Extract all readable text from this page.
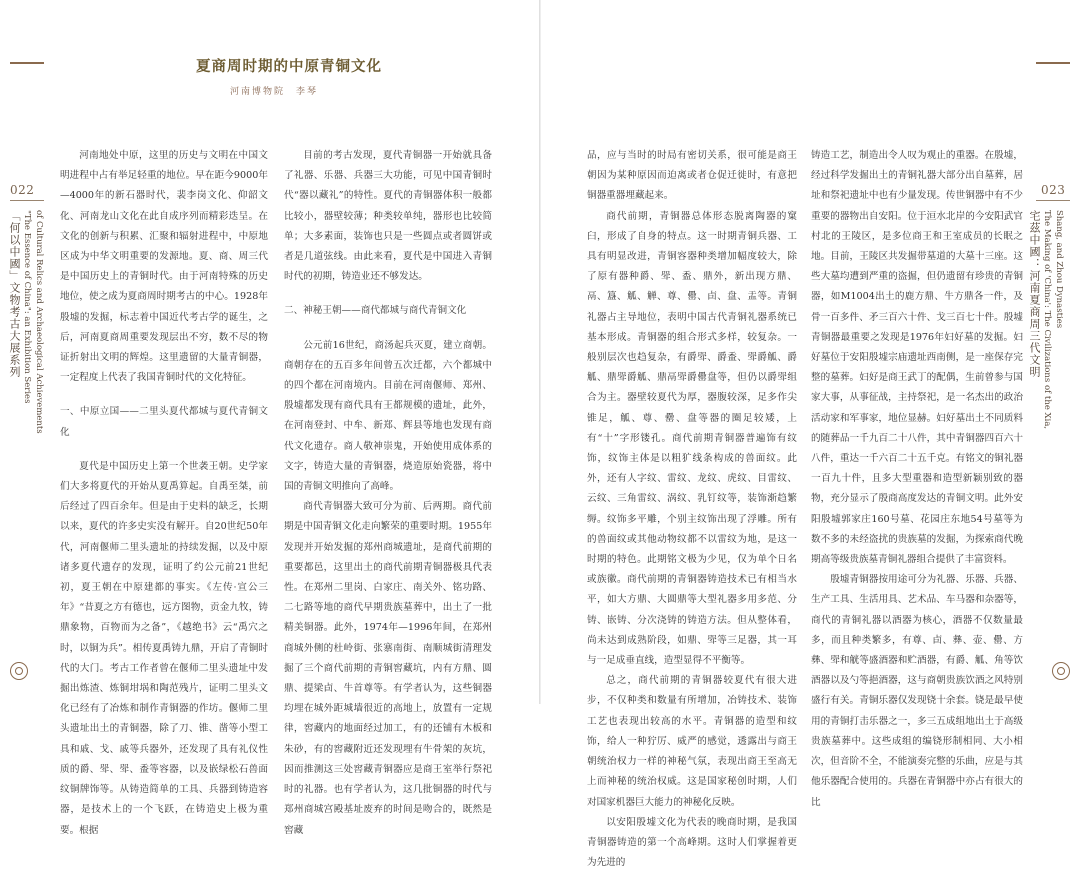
022
「何以中國」文物考古大展系列 "The Essence of China": an Exhibition Series of Cultural Relics and Archaeological Achievements
023
宅茲中國：河南夏商周三代文明 The Making of 'China': The Civilizations of the Xia, Shang, and Zhou Dynasties
夏商周时期的中原青铜文化
河南博物院　李琴

河南地处中原，这里的历史与文明在中国文明进程中占有举足轻重的地位。早在距今9000年—4000年的新石器时代，裴李岗文化、仰韶文化、河南龙山文化在此自成序列而精彩迭呈。在文化的创新与积累、汇聚和辐射进程中，中原地区成为中华文明重要的发源地。夏、商、周三代是中国历史上的青铜时代。由于河南特殊的历史地位，使之成为夏商周时期考古的中心。1928年殷墟的发掘，标志着中国近代考古学的诞生，之后，河南夏商周重要发现层出不穷，数不尽的物证折射出文明的辉煌。这里遗留的大量青铜器，一定程度上代表了我国青铜时代的文化特征。

一、中原立国——二里头夏代都城与夏代青铜文化

夏代是中国历史上第一个世袭王朝。史学家们大多将夏代的开始从夏禹算起。自禹至桀，前后经过了四百余年。但是由于史料的缺乏，长期以来，夏代的许多史实没有解开。自20世纪50年代，河南偃师二里头遗址的持续发掘，以及中原诸多夏代遗存的发现，证明了约公元前21世纪初，夏王朝在中原建都的事实。《左传·宣公三年》“昔夏之方有德也，远方图物，贡金九牧，铸鼎象物，百物而为之备”，《越绝书》云“禹穴之时，以铜为兵”。相传夏禹铸九鼎，开启了青铜时代的大门。考古工作者曾在偃师二里头遗址中发掘出炼渣、炼铜坩埚和陶范残片，证明二里头文化已经有了冶炼和制作青铜器的作坊。偃师二里头遗址出土的青铜器，除了刀、锥、凿等小型工具和戚、戈、戚等兵器外，还发现了具有礼仪性质的爵、斝、斝、盉等容器，以及嵌绿松石兽面纹铜牌饰等。从铸造简单的工具、兵器到铸造容器，是技术上的一个飞跃，在铸造史上极为重要。根据

目前的考古发现，夏代青铜器一开始就具备了礼器、乐器、兵器三大功能，可见中国青铜时代“器以藏礼”的特性。夏代的青铜器体积一般都比较小，器壁较薄；种类较单纯，器形也比较简单；大多素面，装饰也只是一些圆点或者圆饼或者是几道弦线。由此来看，夏代是中国进入青铜时代的初期，铸造业还不够发达。

二、神秘王朝——商代都城与商代青铜文化

公元前16世纪，商汤起兵灭夏，建立商朝。商朝存在的五百多年间曾五次迁都，六个都城中的四个都在河南境内。目前在河南偃师、郑州、殷墟都发现有商代具有王都规模的遗址，此外，在河南登封、中牟、新郑、辉县等地也发现有商代文化遗存。商人敬神崇鬼，开始使用成体系的文字，铸造大量的青铜器，烧造原始瓷器，将中国的青铜文明推向了高峰。

商代青铜器大致可分为前、后两期。商代前期是中国青铜文化走向繁荣的重要时期。1955年发现并开始发掘的郑州商城遗址，是商代前期的重要都邑，这里出土的商代前期青铜器极具代表性。在郑州二里岗、白家庄、南关外、铭功路、二七路等地的商代早期贵族墓葬中，出土了一批精美铜器。此外，1974年—1996年间，在郑州商城外侧的杜岭街、张寨南街、南顺城街清理发掘了三个商代前期的青铜窖藏坑，内有方鼎、圆鼎、提梁卣、牛首尊等。有学者认为，这些铜器均埋在城外距城墙很近的高地上，放置有一定规律，窖藏内的地面经过加工，有的还铺有木板和朱砂，有的窖藏附近还发现埋有牛骨架的灰坑，因而推测这三处窖藏青铜器应是商王室举行祭祀时的礼器。也有学者认为，这几批铜器的时代与郑州商城宫殿基址废弃的时间是吻合的，既然是窖藏

品，应与当时的时局有密切关系，很可能是商王朝因为某种原因而迫离或者仓促迁徙时，有意把铜器重器埋藏起来。

商代前期，青铜器总体形态脱离陶器的窠臼，形成了自身的特点。这一时期青铜兵器、工具有明显改进，青铜容器种类增加幅度较大，除了原有器种爵、斝、盉、鼎外，新出现方鼎、鬲、簋、觚、觯、尊、罍、卣、盘、盂等。青铜礼器占主导地位，表明中国古代青铜礼器系统已基本形成。青铜器的组合形式多样，较复杂。一般别层次也趋复杂，有爵斝、爵盉、斝爵觚、爵觚、鼎斝爵觚、鼎鬲斝爵罍盘等，但仍以爵斝组合为主。器壁较夏代为厚，器腹较深，足多作尖锥足，觚、尊、罍、盘等器的圈足较矮，上有“十”字形镂孔。商代前期青铜器普遍饰有纹饰，纹饰主体是以粗犷线条构成的兽面纹。此外，还有人字纹、雷纹、龙纹、虎纹、目雷纹、云纹、三角雷纹、涡纹、乳钉纹等，装饰渐趋繁缛。纹饰多平雕，个别主纹饰出现了浮雕。所有的兽面纹或其他动物纹都不以雷纹为地，是这一时期的特色。此期铭文极为少见，仅为单个日名或族徽。商代前期的青铜器铸造技术已有相当水平，如大方鼎、大圆鼎等大型礼器多用多范、分铸、嵌铸、分次浇铸的铸造方法。但从整体看，尚未达到成熟阶段，如鼎、斝等三足器，其一耳与一足成垂直线，造型显得不平衡等。

总之，商代前期的青铜器较夏代有很大进步，不仅种类和数量有所增加，冶铸技术、装饰工艺也表现出较高的水平。青铜器的造型和纹饰，给人一种狞厉、威严的感觉，透露出与商王朝统治权力一样的神秘气氛，表现出商王至高无上而神秘的统治权威。这是国家秘创时期，人们对国家机器巨大能力的神秘化反映。

以安阳殷墟文化为代表的晚商时期，是我国青铜器铸造的第一个高峰期。这时人们掌握着更为先进的

铸造工艺，制造出令人叹为观止的重器。在殷墟，经过科学发掘出土的青铜礼器大部分出自墓葬，居址和祭祀遗址中也有少量发现。传世铜器中有不少重要的器物出自安阳。位于洹水北岸的今安阳武官村北的王陵区，是多位商王和王室成员的长眠之地。目前，王陵区共发掘带墓道的大墓十三座。这些大墓均遭到严重的盗掘，但仍遗留有珍贵的青铜器，如M1004出土的鹿方鼎、牛方鼎各一件，及骨一百多件、矛三百六十件、戈三百七十件。殷墟青铜器最重要之发现是1976年妇好墓的发掘。妇好墓位于安阳殷墟宗庙遗址西南侧，是一座保存完整的墓葬。妇好是商王武丁的配偶，生前曾参与国家大事，从事征战，主持祭祀，是一名杰出的政治活动家和军事家，地位显赫。妇好墓出土不同质料的随葬品一千九百二十八件，其中青铜器四百六十八件，重达一千六百二十五千克。有铭文的铜礼器一百九十件，且多大型重器和造型新颖别致的器物，充分显示了殷商高度发达的青铜文明。此外安阳殷墟郭家庄160号墓、花园庄东地54号墓等为数不多的未经盗扰的贵族墓的发掘，为探索商代晚期高等级贵族墓青铜礼器组合提供了丰富资料。

殷墟青铜器按用途可分为礼器、乐器、兵器、生产工具、生活用具、艺术品、车马器和杂器等，商代的青铜礼器以酒器为核心，酒器不仅数量最多，而且种类繁多，有尊、卣、彝、壶、罍、方彝、斝和觥等盛酒器和贮酒器，有爵、觚、角等饮酒器以及勺等挹酒器，这与商朝贵族饮酒之风特别盛行有关。青铜乐器仅发现铙十余套。铙是最早使用的青铜打击乐器之一，多三五成组地出土于高级贵族墓葬中。这些成组的编铙形制相同、大小相次，但音阶不全，不能演奏完整的乐曲，应是与其他乐器配合使用的。兵器在青铜器中亦占有很大的比
